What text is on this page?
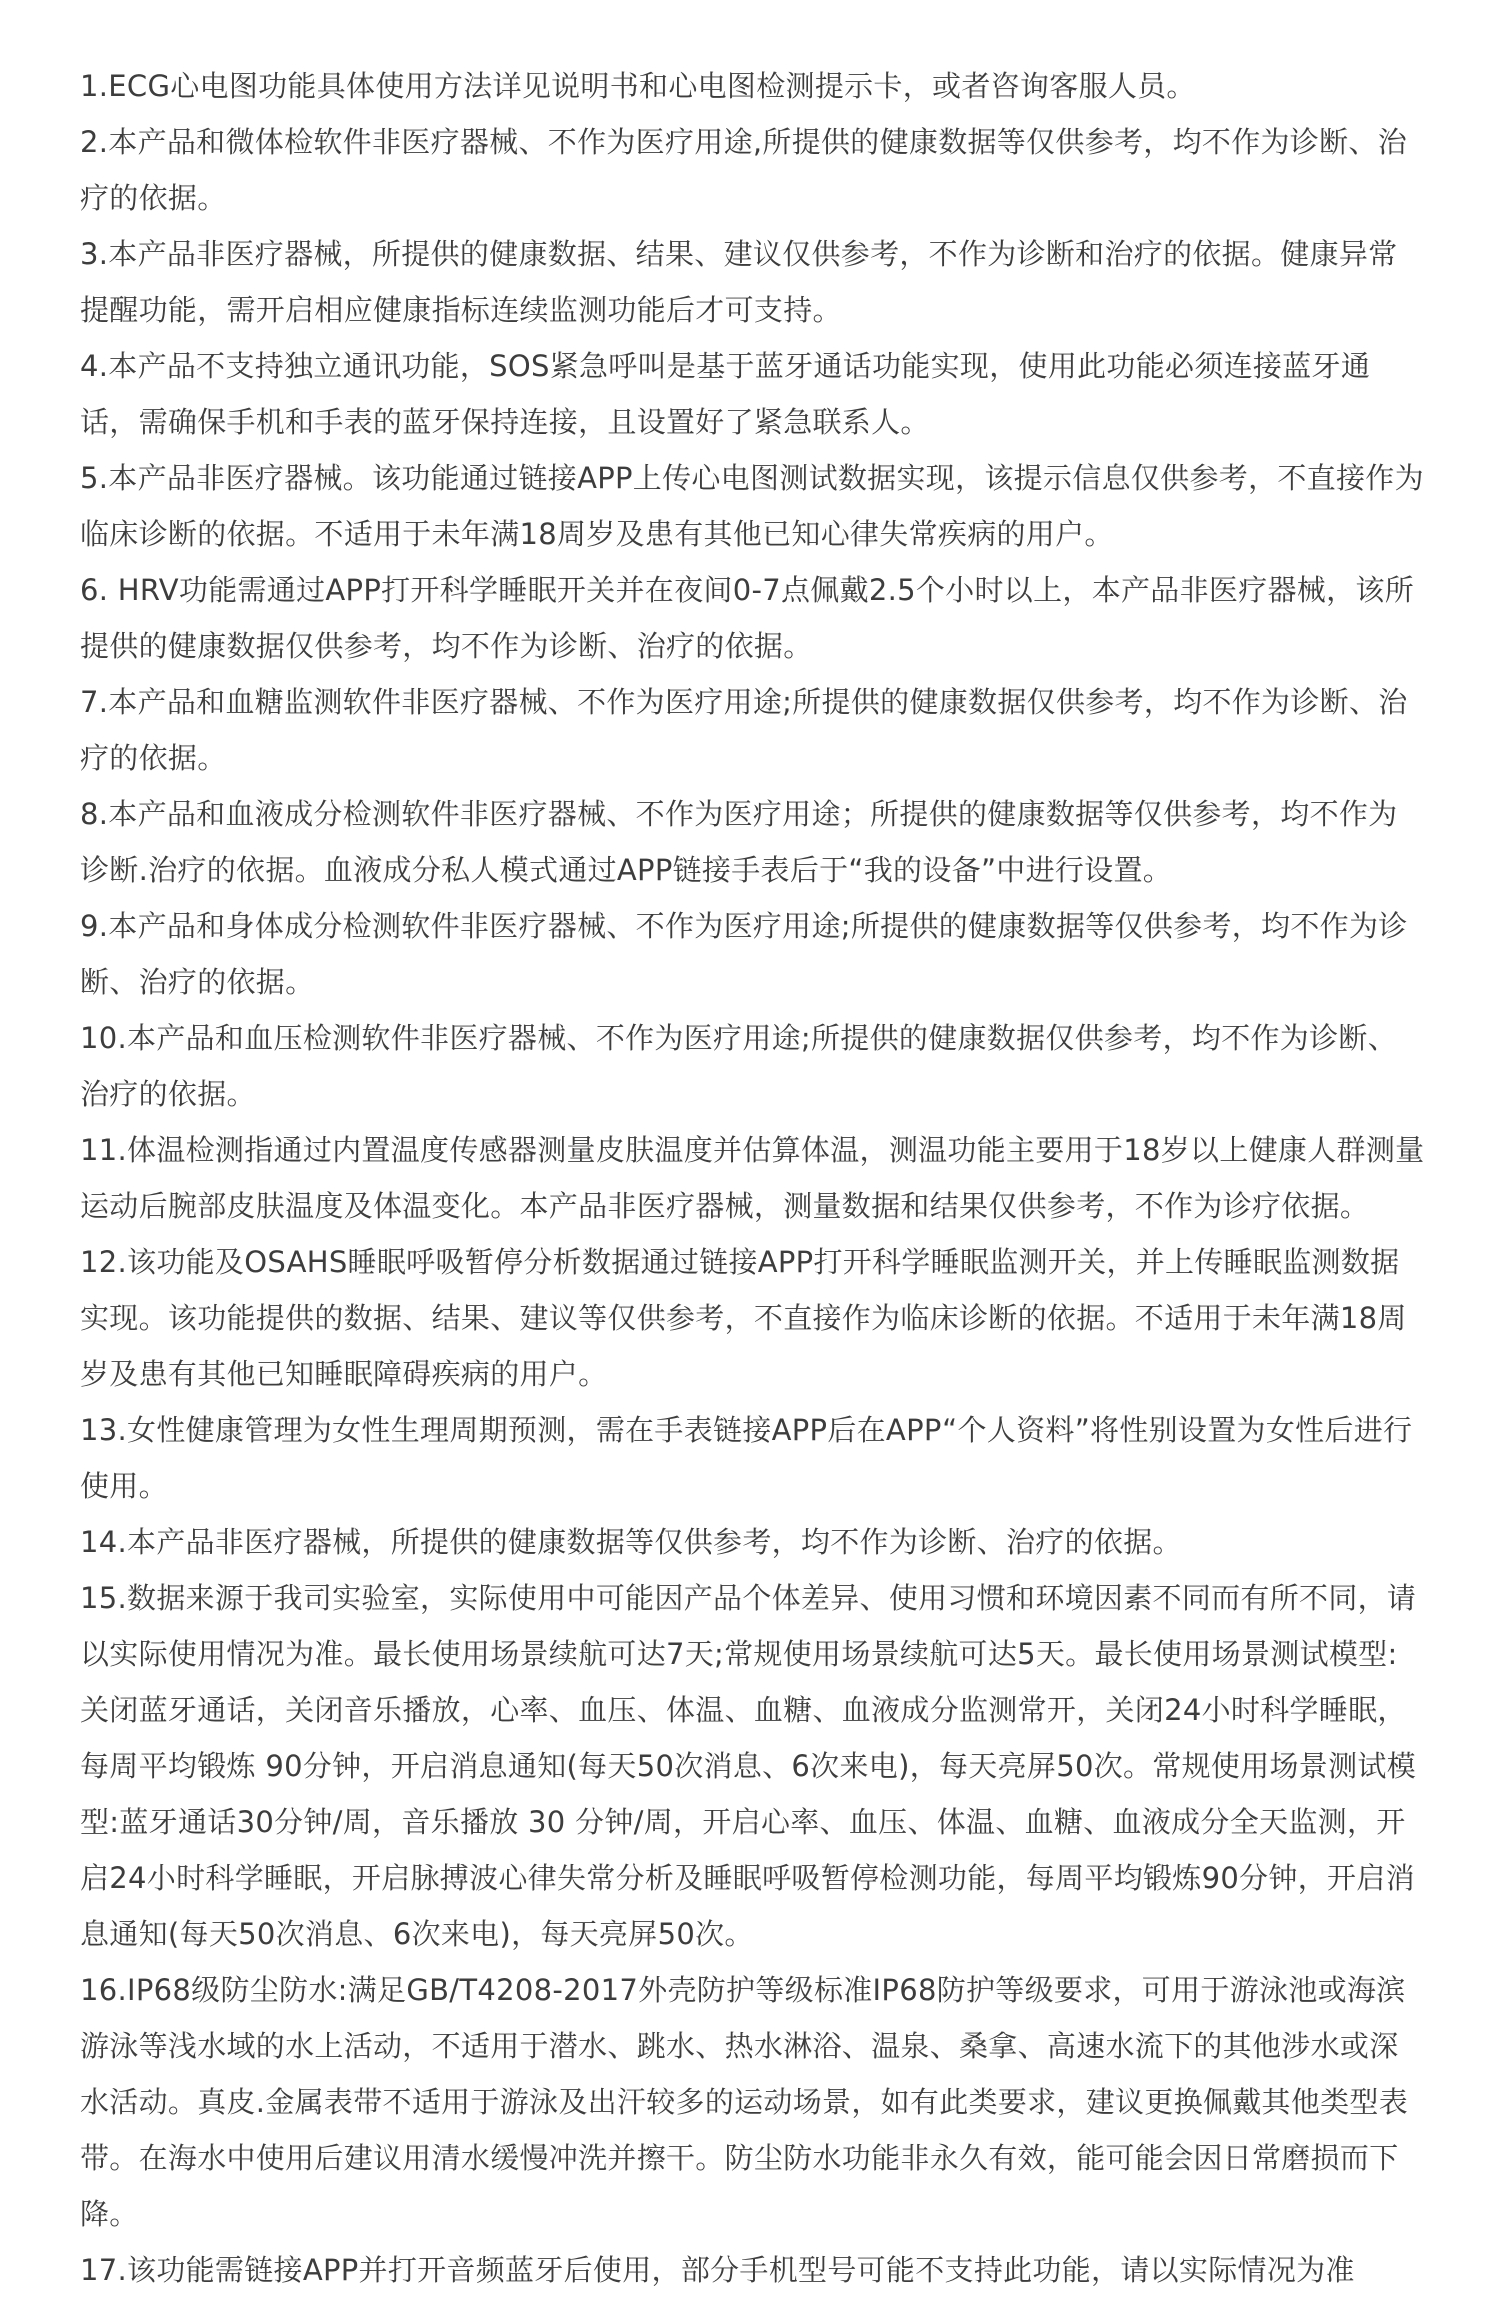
1.ECG心电图功能具体使用方法详见说明书和心电图检测提示卡，或者咨询客服人员。
2.本产品和微体检软件非医疗器械、不作为医疗用途,所提供的健康数据等仅供参考，均不作为诊断、治疗的依据。
3.本产品非医疗器械，所提供的健康数据、结果、建议仅供参考，不作为诊断和治疗的依据。健康异常提醒功能，需开启相应健康指标连续监测功能后才可支持。
4.本产品不支持独立通讯功能，SOS紧急呼叫是基于蓝牙通话功能实现，使用此功能必须连接蓝牙通话，需确保手机和手表的蓝牙保持连接，且设置好了紧急联系人。
5.本产品非医疗器械。该功能通过链接APP上传心电图测试数据实现，该提示信息仅供参考，不直接作为临床诊断的依据。不适用于未年满18周岁及患有其他已知心律失常疾病的用户。
6. HRV功能需通过APP打开科学睡眠开关并在夜间0-7点佩戴2.5个小时以上，本产品非医疗器械，该所提供的健康数据仅供参考，均不作为诊断、治疗的依据。
7.本产品和血糖监测软件非医疗器械、不作为医疗用途;所提供的健康数据仅供参考，均不作为诊断、治疗的依据。
8.本产品和血液成分检测软件非医疗器械、不作为医疗用途；所提供的健康数据等仅供参考，均不作为诊断.治疗的依据。血液成分私人模式通过APP链接手表后于“我的设备”中进行设置。
9.本产品和身体成分检测软件非医疗器械、不作为医疗用途;所提供的健康数据等仅供参考，均不作为诊断、治疗的依据。
10.本产品和血压检测软件非医疗器械、不作为医疗用途;所提供的健康数据仅供参考，均不作为诊断、治疗的依据。
11.体温检测指通过内置温度传感器测量皮肤温度并估算体温，测温功能主要用于18岁以上健康人群测量运动后腕部皮肤温度及体温变化。本产品非医疗器械，测量数据和结果仅供参考，不作为诊疗依据。
12.该功能及OSAHS睡眠呼吸暂停分析数据通过链接APP打开科学睡眠监测开关，并上传睡眠监测数据实现。该功能提供的数据、结果、建议等仅供参考，不直接作为临床诊断的依据。不适用于未年满18周岁及患有其他已知睡眠障碍疾病的用户。
13.女性健康管理为女性生理周期预测，需在手表链接APP后在APP“个人资料”将性别设置为女性后进行使用。
14.本产品非医疗器械，所提供的健康数据等仅供参考，均不作为诊断、治疗的依据。
15.数据来源于我司实验室，实际使用中可能因产品个体差异、使用习惯和环境因素不同而有所不同，请以实际使用情况为准。最长使用场景续航可达7天;常规使用场景续航可达5天。最长使用场景测试模型:关闭蓝牙通话，关闭音乐播放，心率、血压、体温、血糖、血液成分监测常开，关闭24小时科学睡眠，每周平均锻炼 90分钟，开启消息通知(每天50次消息、6次来电)，每天亮屏50次。常规使用场景测试模型:蓝牙通话30分钟/周，音乐播放 30 分钟/周，开启心率、血压、体温、血糖、血液成分全天监测，开启24小时科学睡眠，开启脉搏波心律失常分析及睡眠呼吸暂停检测功能，每周平均锻炼90分钟，开启消息通知(每天50次消息、6次来电)，每天亮屏50次。
16.IP68级防尘防水:满足GB/T4208-2017外壳防护等级标准IP68防护等级要求，可用于游泳池或海滨游泳等浅水域的水上活动，不适用于潜水、跳水、热水淋浴、温泉、桑拿、高速水流下的其他涉水或深水活动。真皮.金属表带不适用于游泳及出汗较多的运动场景，如有此类要求，建议更换佩戴其他类型表带。在海水中使用后建议用清水缓慢冲洗并擦干。防尘防水功能非永久有效，能可能会因日常磨损而下降。
17.该功能需链接APP并打开音频蓝牙后使用，部分手机型号可能不支持此功能，请以实际情况为准
